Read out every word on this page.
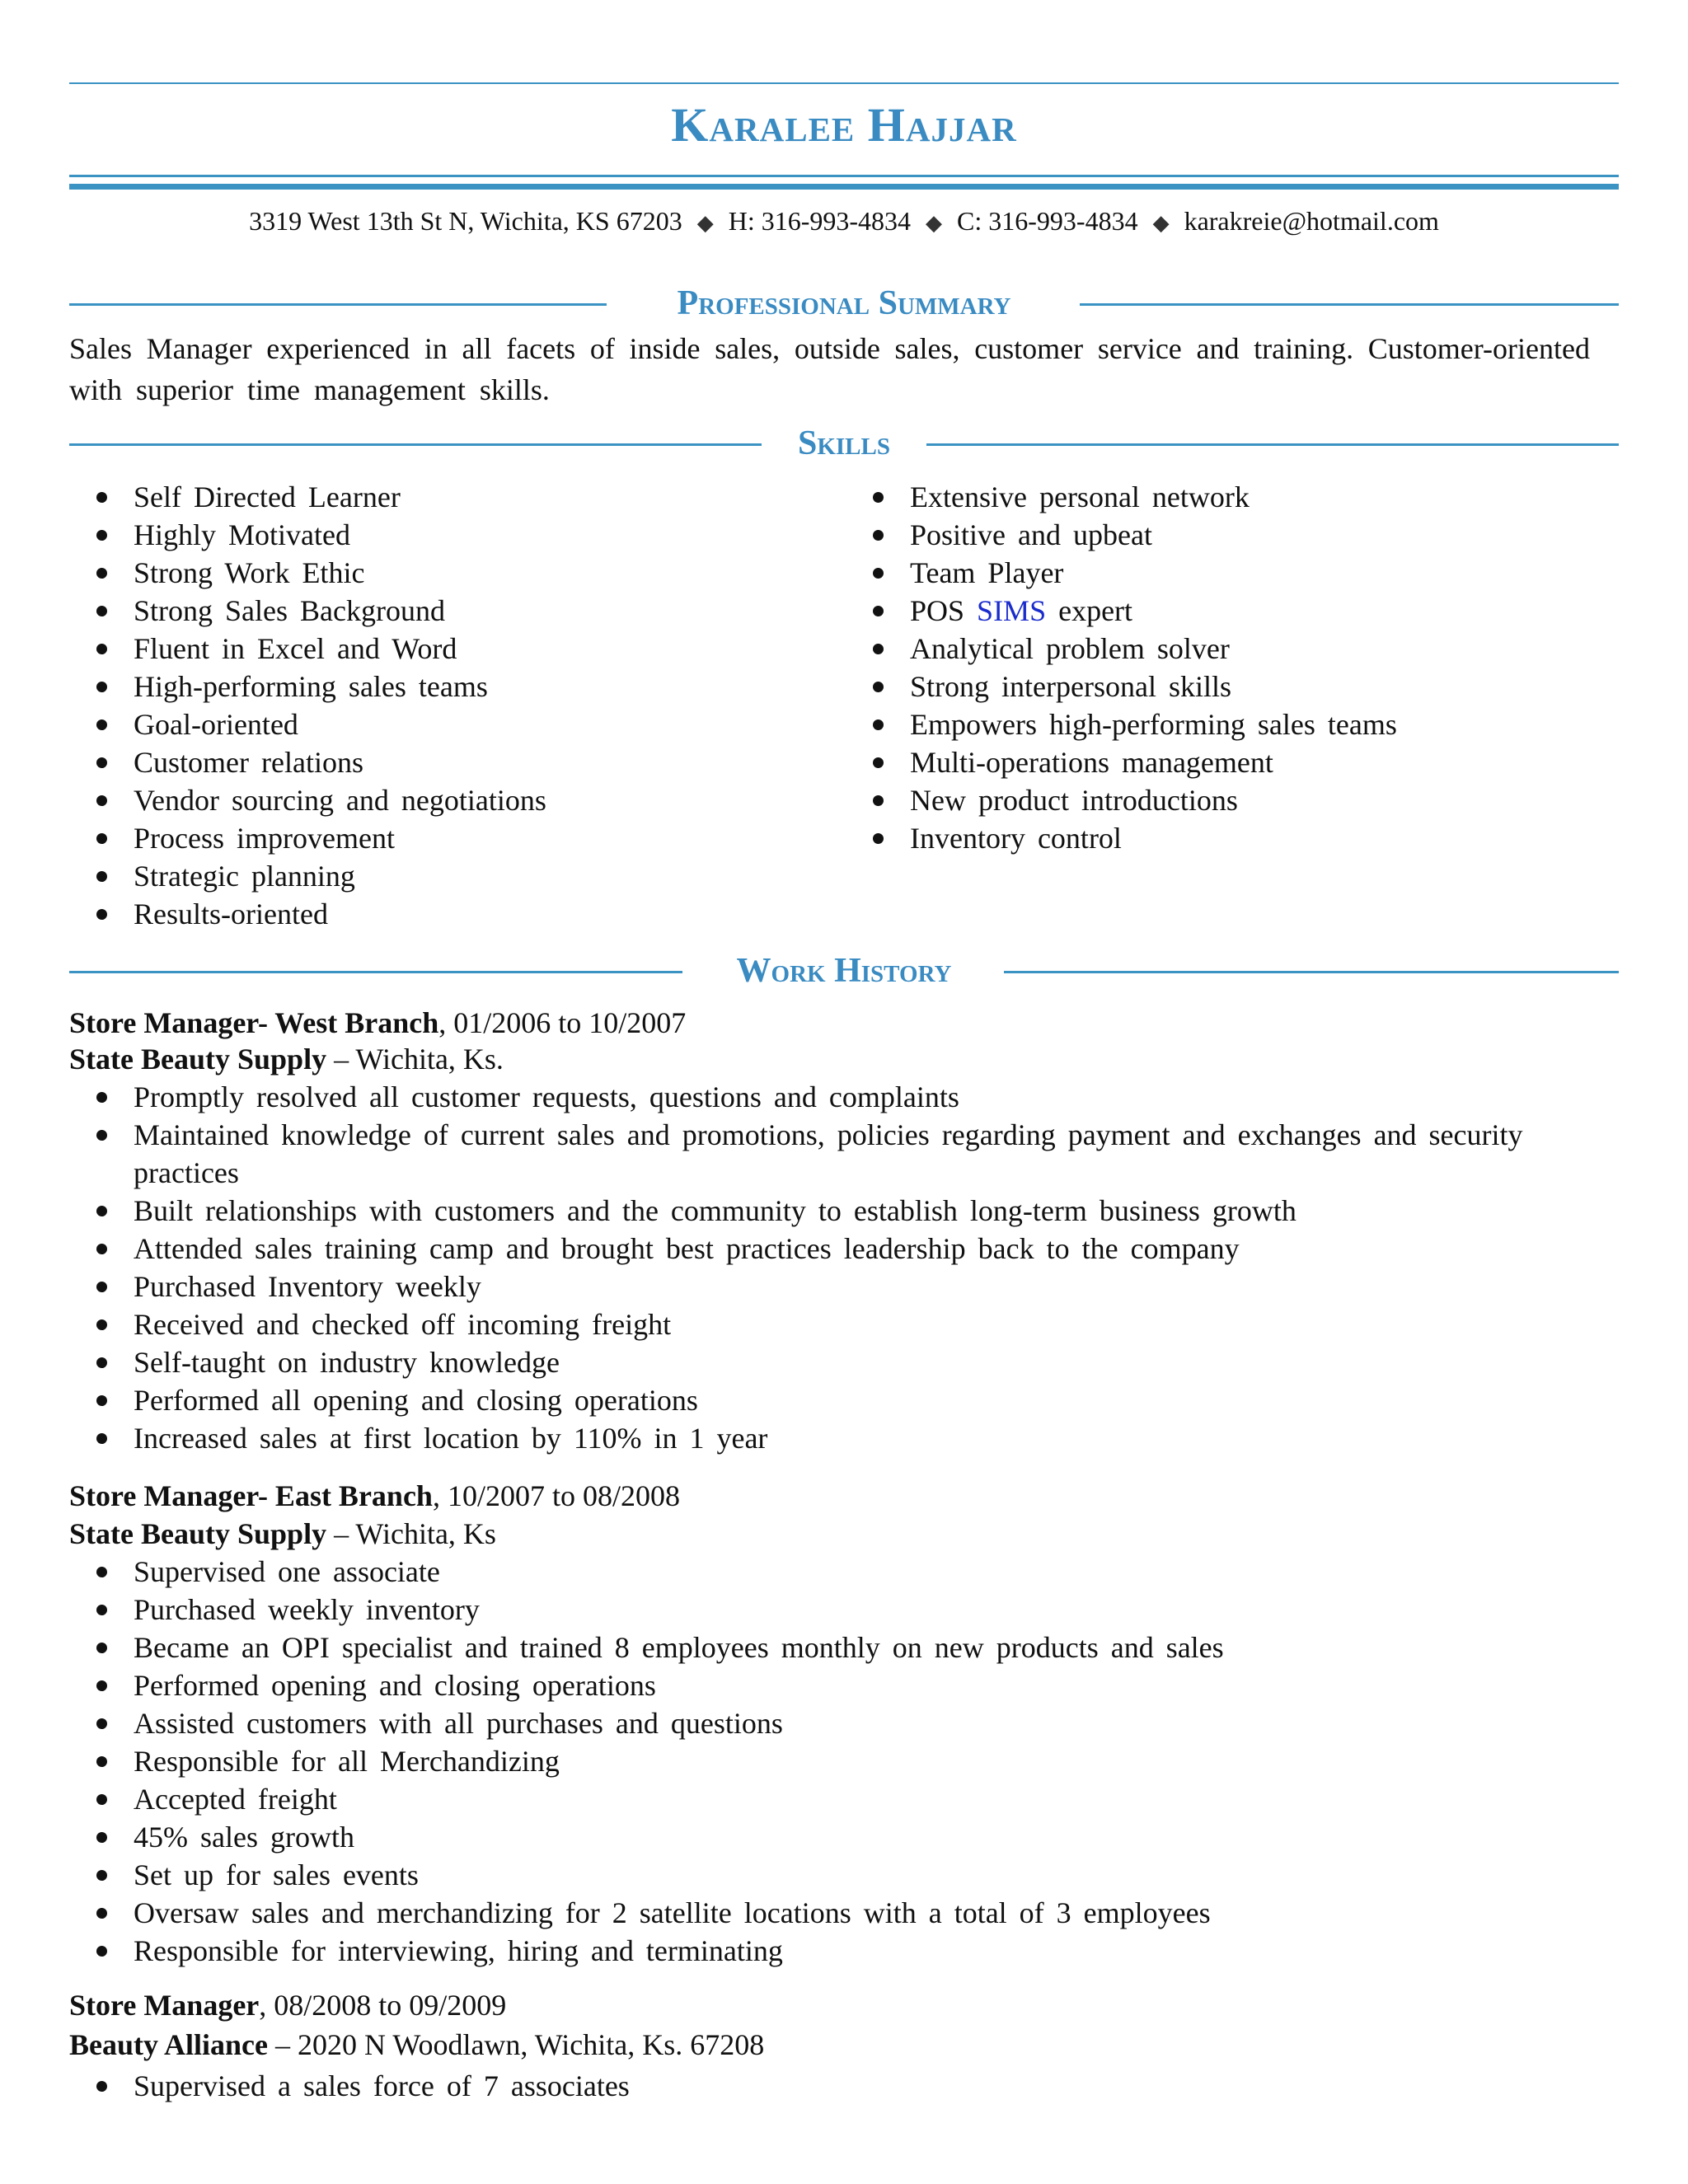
Karalee Hajjar
3319 West 13th St N, Wichita, KS 67203 ◆ H: 316-993-4834 ◆ C: 316-993-4834 ◆ karakreie@hotmail.com
Professional Summary
Sales Manager experienced in all facets of inside sales, outside sales, customer service and training. Customer-oriented with superior time management skills.
Skills
Self Directed Learner
Highly Motivated
Strong Work Ethic
Strong Sales Background
Fluent in Excel and Word
High-performing sales teams
Goal-oriented
Customer relations
Vendor sourcing and negotiations
Process improvement
Strategic planning
Results-oriented
Extensive personal network
Positive and upbeat
Team Player
POS SIMS expert
Analytical problem solver
Strong interpersonal skills
Empowers high-performing sales teams
Multi-operations management
New product introductions
Inventory control
Work History
Store Manager- West Branch, 01/2006 to 10/2007
State Beauty Supply – Wichita, Ks.
Promptly resolved all customer requests, questions and complaints
Maintained knowledge of current sales and promotions, policies regarding payment and exchanges and security practices
Built relationships with customers and the community to establish long-term business growth
Attended sales training camp and brought best practices leadership back to the company
Purchased Inventory weekly
Received and checked off incoming freight
Self-taught on industry knowledge
Performed all opening and closing operations
Increased sales at first location by 110% in 1 year
Store Manager- East Branch, 10/2007 to 08/2008
State Beauty Supply – Wichita, Ks
Supervised one associate
Purchased weekly inventory
Became an OPI specialist and trained 8 employees monthly on new products and sales
Performed opening and closing operations
Assisted customers with all purchases and questions
Responsible for all Merchandizing
Accepted freight
45% sales growth
Set up for sales events
Oversaw sales and merchandizing for 2 satellite locations with a total of 3 employees
Responsible for interviewing, hiring and terminating
Store Manager, 08/2008 to 09/2009
Beauty Alliance – 2020 N Woodlawn, Wichita, Ks. 67208
Supervised a sales force of 7 associates
